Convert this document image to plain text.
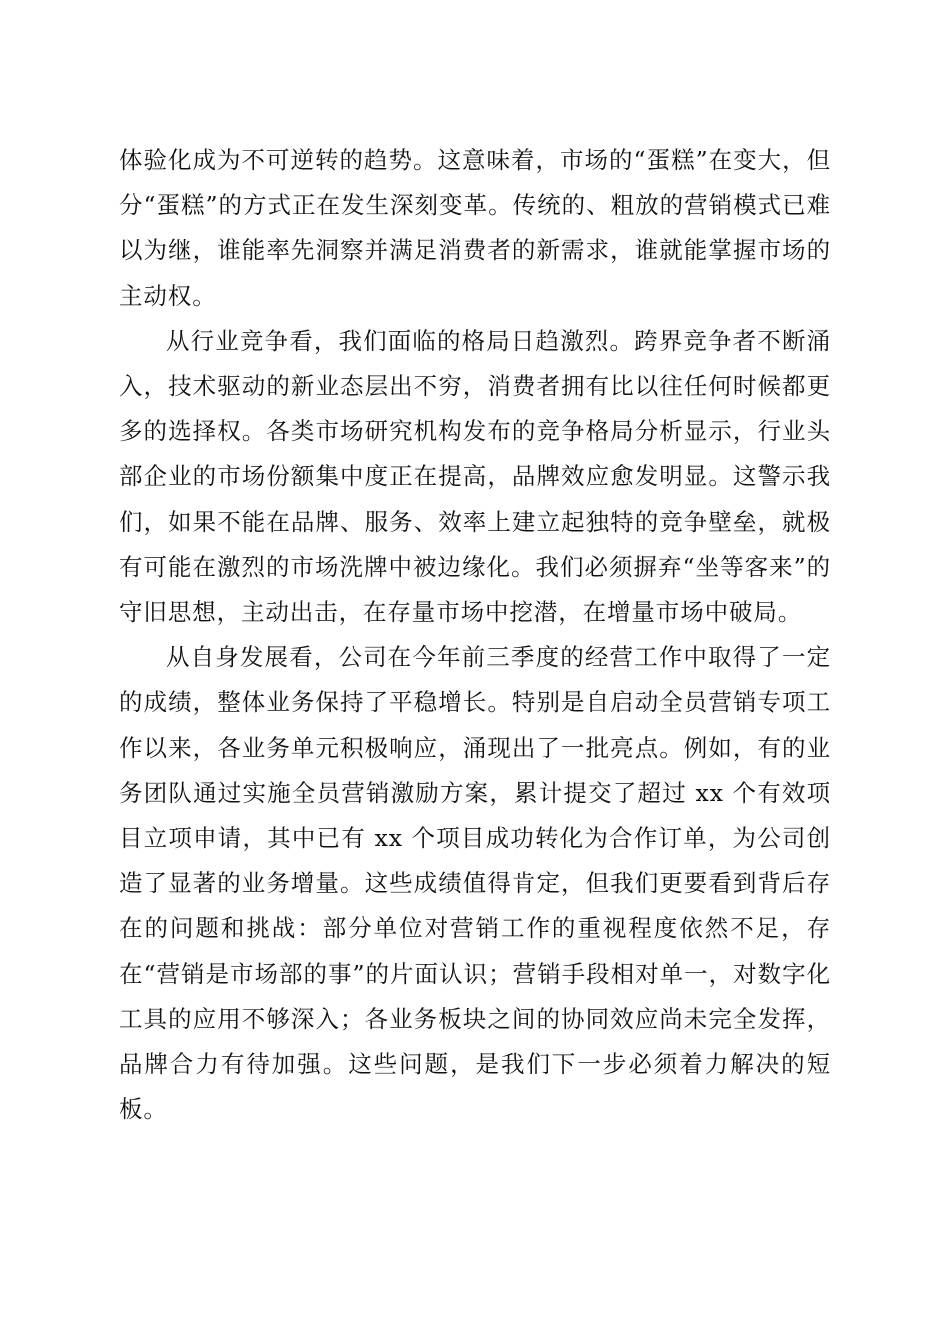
体验化成为不可逆转的趋势。这意味着，市场的“蛋糕”在变大，但分“蛋糕”的方式正在发生深刻变革。传统的、粗放的营销模式已难以为继，谁能率先洞察并满足消费者的新需求，谁就能掌握市场的主动权。

从行业竞争看，我们面临的格局日趋激烈。跨界竞争者不断涌入，技术驱动的新业态层出不穷，消费者拥有比以往任何时候都更多的选择权。各类市场研究机构发布的竞争格局分析显示，行业头部企业的市场份额集中度正在提高，品牌效应愈发明显。这警示我们，如果不能在品牌、服务、效率上建立起独特的竞争壁垒，就极有可能在激烈的市场洗牌中被边缘化。我们必须摒弃“坐等客来”的守旧思想，主动出击，在存量市场中挖潜，在增量市场中破局。

从自身发展看，公司在今年前三季度的经营工作中取得了一定的成绩，整体业务保持了平稳增长。特别是自启动全员营销专项工作以来，各业务单元积极响应，涌现出了一批亮点。例如，有的业务团队通过实施全员营销激励方案，累计提交了超过 xx 个有效项目立项申请，其中已有 xx 个项目成功转化为合作订单，为公司创造了显著的业务增量。这些成绩值得肯定，但我们更要看到背后存在的问题和挑战：部分单位对营销工作的重视程度依然不足，存在“营销是市场部的事”的片面认识；营销手段相对单一，对数字化工具的应用不够深入；各业务板块之间的协同效应尚未完全发挥，品牌合力有待加强。这些问题，是我们下一步必须着力解决的短板。
